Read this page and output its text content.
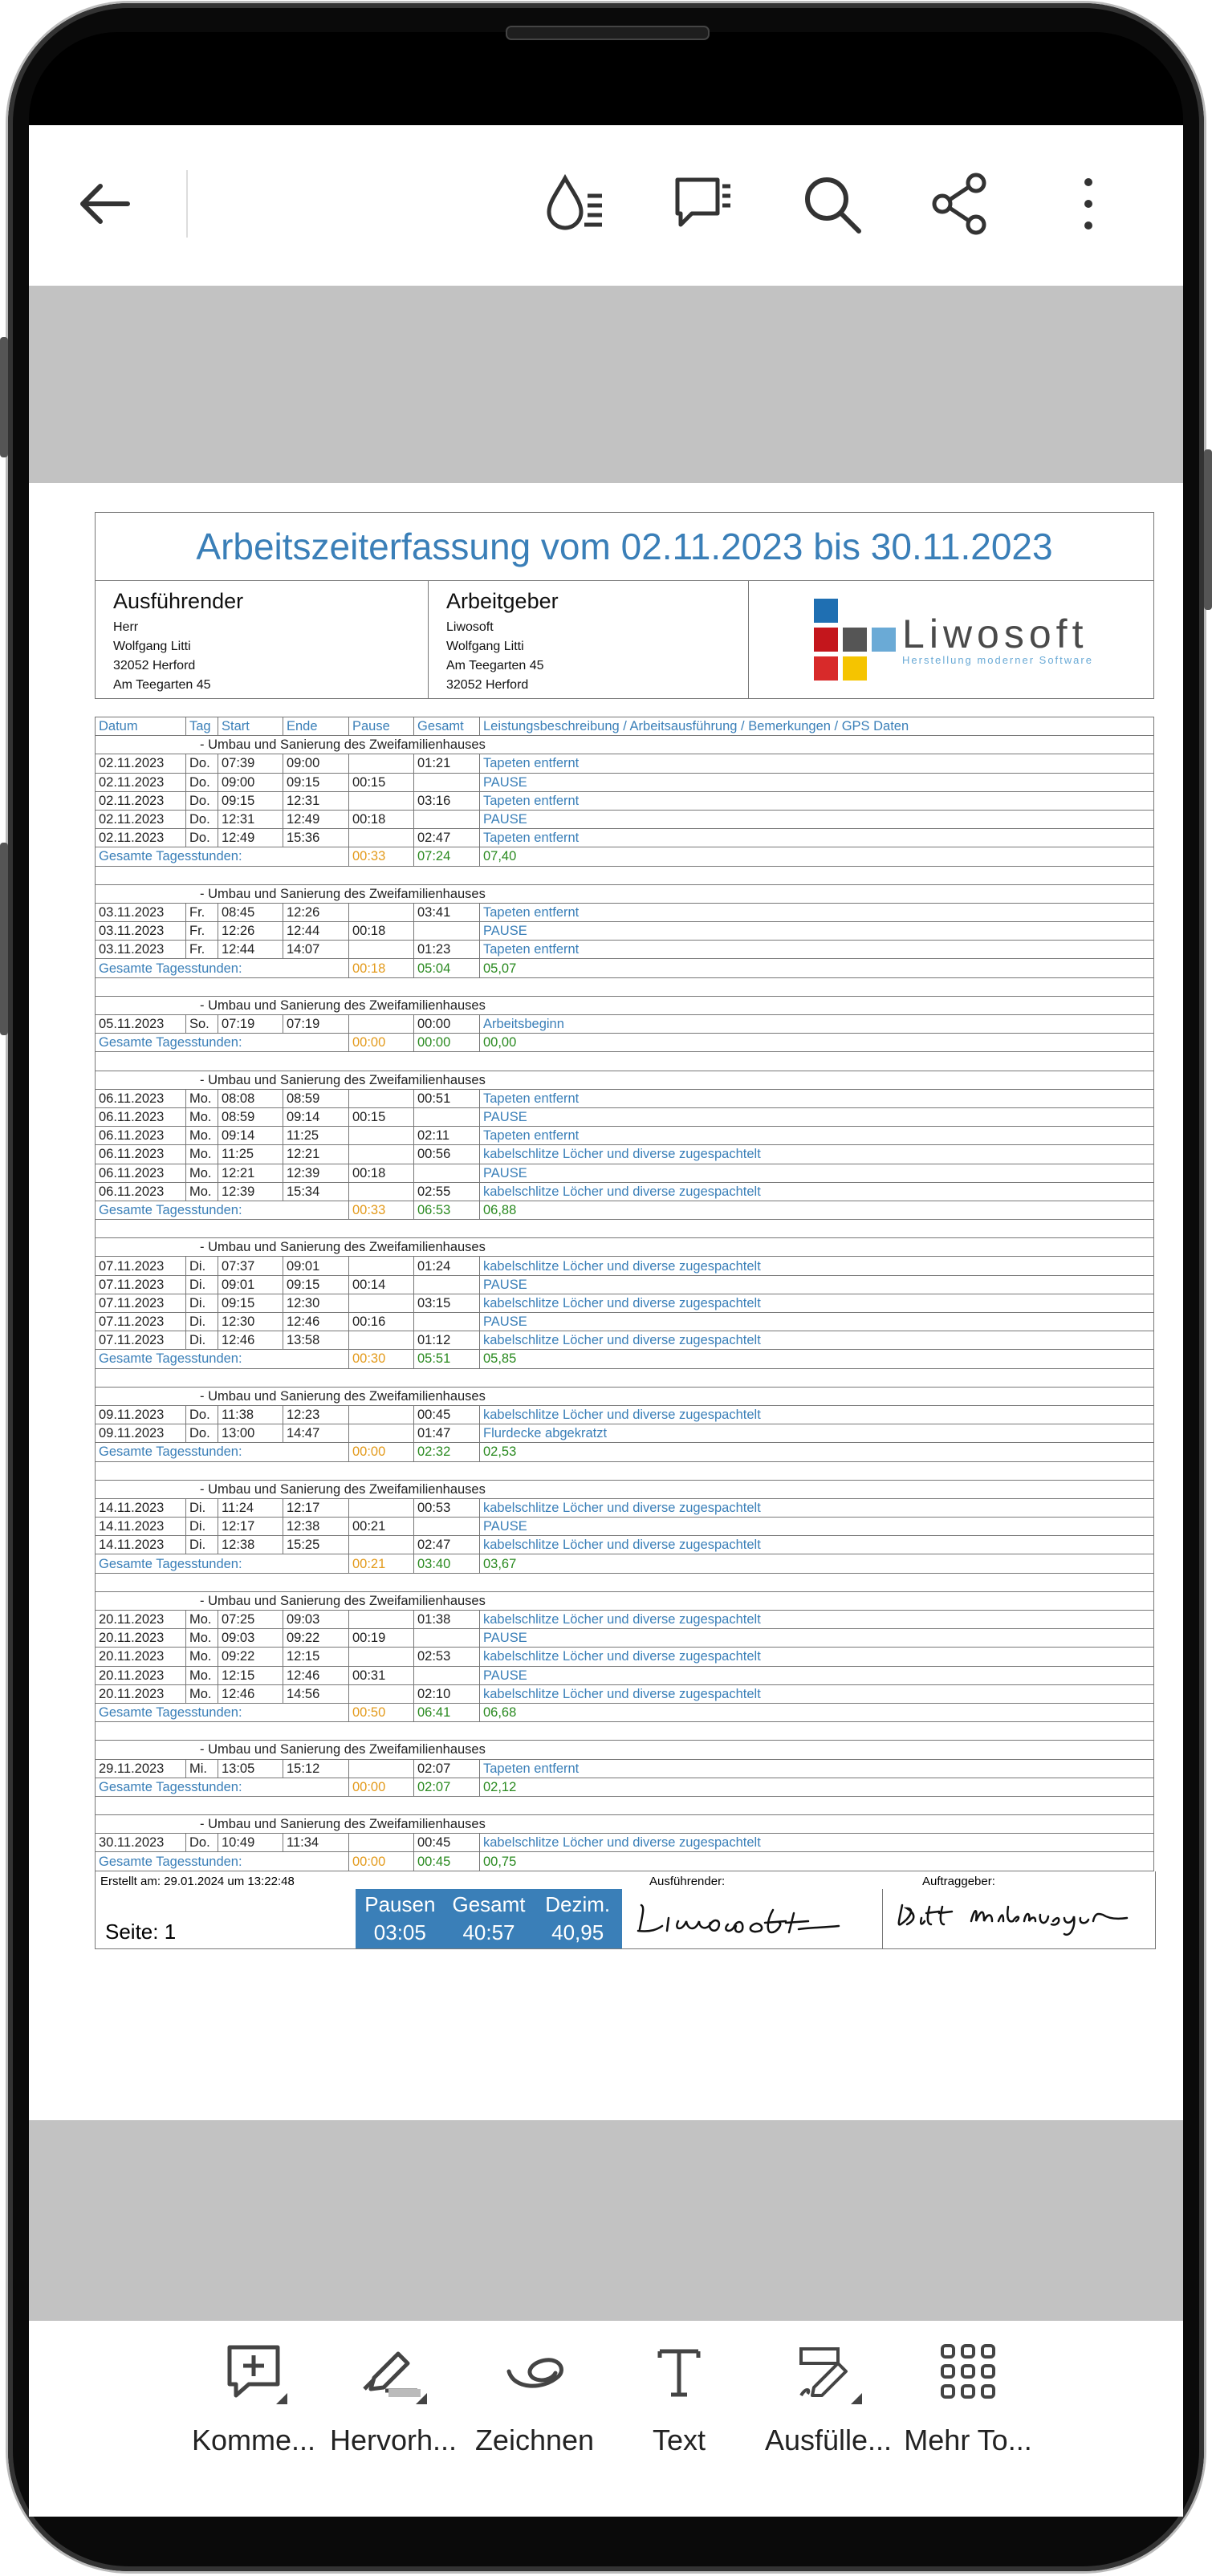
Arbeitszeiterfassung vom 02.11.2023 bis 30.11.2023
Ausführender
Herr
Wolfgang Litti
32052 Herford
Am Teegarten 45
Arbeitgeber
Liwosoft
Wolfgang Litti
Am Teegarten 45
32052 Herford
Liwosoft
Herstellung moderner Software
Datum	Tag	Start	Ende	Pause	Gesamt	Leistungsbeschreibung / Arbeitsausführung / Bemerkungen / GPS Daten
- Umbau und Sanierung des Zweifamilienhauses						
02.11.2023	Do.	07:39	09:00		01:21	Tapeten entfernt
02.11.2023	Do.	09:00	09:15	00:15		PAUSE
02.11.2023	Do.	09:15	12:31		03:16	Tapeten entfernt
02.11.2023	Do.	12:31	12:49	00:18		PAUSE
02.11.2023	Do.	12:49	15:36		02:47	Tapeten entfernt
Gesamte Tagesstunden:				00:33	07:24	07,40

- Umbau und Sanierung des Zweifamilienhauses						
03.11.2023	Fr.	08:45	12:26		03:41	Tapeten entfernt
03.11.2023	Fr.	12:26	12:44	00:18		PAUSE
03.11.2023	Fr.	12:44	14:07		01:23	Tapeten entfernt
Gesamte Tagesstunden:				00:18	05:04	05,07

- Umbau und Sanierung des Zweifamilienhauses						
05.11.2023	So.	07:19	07:19		00:00	Arbeitsbeginn
Gesamte Tagesstunden:				00:00	00:00	00,00

- Umbau und Sanierung des Zweifamilienhauses						
06.11.2023	Mo.	08:08	08:59		00:51	Tapeten entfernt
06.11.2023	Mo.	08:59	09:14	00:15		PAUSE
06.11.2023	Mo.	09:14	11:25		02:11	Tapeten entfernt
06.11.2023	Mo.	11:25	12:21		00:56	kabelschlitze Löcher und diverse zugespachtelt
06.11.2023	Mo.	12:21	12:39	00:18		PAUSE
06.11.2023	Mo.	12:39	15:34		02:55	kabelschlitze Löcher und diverse zugespachtelt
Gesamte Tagesstunden:				00:33	06:53	06,88

- Umbau und Sanierung des Zweifamilienhauses						
07.11.2023	Di.	07:37	09:01		01:24	kabelschlitze Löcher und diverse zugespachtelt
07.11.2023	Di.	09:01	09:15	00:14		PAUSE
07.11.2023	Di.	09:15	12:30		03:15	kabelschlitze Löcher und diverse zugespachtelt
07.11.2023	Di.	12:30	12:46	00:16		PAUSE
07.11.2023	Di.	12:46	13:58		01:12	kabelschlitze Löcher und diverse zugespachtelt
Gesamte Tagesstunden:				00:30	05:51	05,85

- Umbau und Sanierung des Zweifamilienhauses						
09.11.2023	Do.	11:38	12:23		00:45	kabelschlitze Löcher und diverse zugespachtelt
09.11.2023	Do.	13:00	14:47		01:47	Flurdecke abgekratzt
Gesamte Tagesstunden:				00:00	02:32	02,53

- Umbau und Sanierung des Zweifamilienhauses						
14.11.2023	Di.	11:24	12:17		00:53	kabelschlitze Löcher und diverse zugespachtelt
14.11.2023	Di.	12:17	12:38	00:21		PAUSE
14.11.2023	Di.	12:38	15:25		02:47	kabelschlitze Löcher und diverse zugespachtelt
Gesamte Tagesstunden:				00:21	03:40	03,67

- Umbau und Sanierung des Zweifamilienhauses						
20.11.2023	Mo.	07:25	09:03		01:38	kabelschlitze Löcher und diverse zugespachtelt
20.11.2023	Mo.	09:03	09:22	00:19		PAUSE
20.11.2023	Mo.	09:22	12:15		02:53	kabelschlitze Löcher und diverse zugespachtelt
20.11.2023	Mo.	12:15	12:46	00:31		PAUSE
20.11.2023	Mo.	12:46	14:56		02:10	kabelschlitze Löcher und diverse zugespachtelt
Gesamte Tagesstunden:				00:50	06:41	06,68

- Umbau und Sanierung des Zweifamilienhauses						
29.11.2023	Mi.	13:05	15:12		02:07	Tapeten entfernt
Gesamte Tagesstunden:				00:00	02:07	02,12

- Umbau und Sanierung des Zweifamilienhauses						
30.11.2023	Do.	10:49	11:34		00:45	kabelschlitze Löcher und diverse zugespachtelt
Gesamte Tagesstunden:				00:00	00:45	00,75
Erstellt am: 29.01.2024 um 13:22:48
Seite: 1
Pausen Gesamt Dezim.
03:05	40:57	40,95
Ausführender:	Auftraggeber:
Komme... Hervorh... Zeichnen	Text	Ausfülle... Mehr To...
